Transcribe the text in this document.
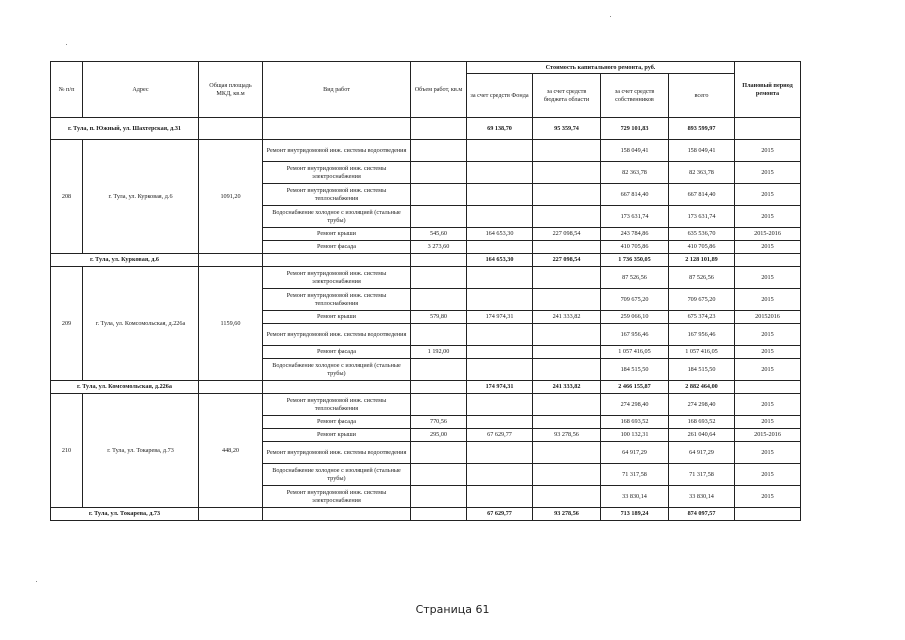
№ п/п	Адрес	Общая площадь МКД, кв.м	Вид работ	Объем работ, кв.м	Стоимость капитального ремонта, руб.				Плановый период ремонта
					за счет средств Фонда	за счет средств бюджета области	за счет средств собственников	всего	
г. Тула, п. Южный, ул. Шахтерская, д.31					69 138,70	95 359,74	729 101,83	893 599,97	
208	г. Тула, ул. Курковая, д.6	1091,20	Ремонт внутридомовой инж. системы водоотведения				158 049,41	158 049,41	2015
			Ремонт внутридомовой инж. системы электроснабжения				82 363,78	82 363,78	2015
			Ремонт внутридомовой инж. системы теплоснабжения				667 814,40	667 814,40	2015
			Водоснабжение холодное с изоляцией (стальные трубы)				173 631,74	173 631,74	2015
			Ремонт крыши	545,60	164 653,30	227 098,54	243 784,86	635 536,70	2015-2016
			Ремонт фасада	3 273,60			410 705,86	410 705,86	2015
г. Тула, ул. Курковая, д.6					164 653,30	227 098,54	1 736 350,05	2 128 101,89	
209	г. Тула, ул. Комсомольская, д.226а	1159,60	Ремонт внутридомовой инж. системы электроснабжения				87 526,56	87 526,56	2015
			Ремонт внутридомовой инж. системы теплоснабжения				709 675,20	709 675,20	2015
			Ремонт крыши	579,80	174 974,31	241 333,82	259 066,10	675 374,23	20152016
			Ремонт внутридомовой инж. системы водоотведения				167 956,46	167 956,46	2015
			Ремонт фасада	1 192,00			1 057 416,05	1 057 416,05	2015
			Водоснабжение холодное с изоляцией (стальные трубы)				184 515,50	184 515,50	2015
г. Тула, ул. Комсомольская, д.226а					174 974,31	241 333,82	2 466 155,87	2 882 464,00	
210	г. Тула, ул. Токарева, д.73	448,20	Ремонт внутридомовой инж. системы теплоснабжения				274 298,40	274 298,40	2015
			Ремонт фасада	770,56			168 693,52	168 693,52	2015
			Ремонт крыши	295,00	67 629,77	93 278,56	100 132,31	261 040,64	2015-2016
			Ремонт внутридомовой инж. системы водоотведения				64 917,29	64 917,29	2015
			Водоснабжение холодное с изоляцией (стальные трубы)				71 317,58	71 317,58	2015
			Ремонт внутридомовой инж. системы электроснабжения				33 830,14	33 830,14	2015
г. Тула, ул. Токарева, д.73					67 629,77	93 278,56	713 189,24	874 097,57	
Страница 61
